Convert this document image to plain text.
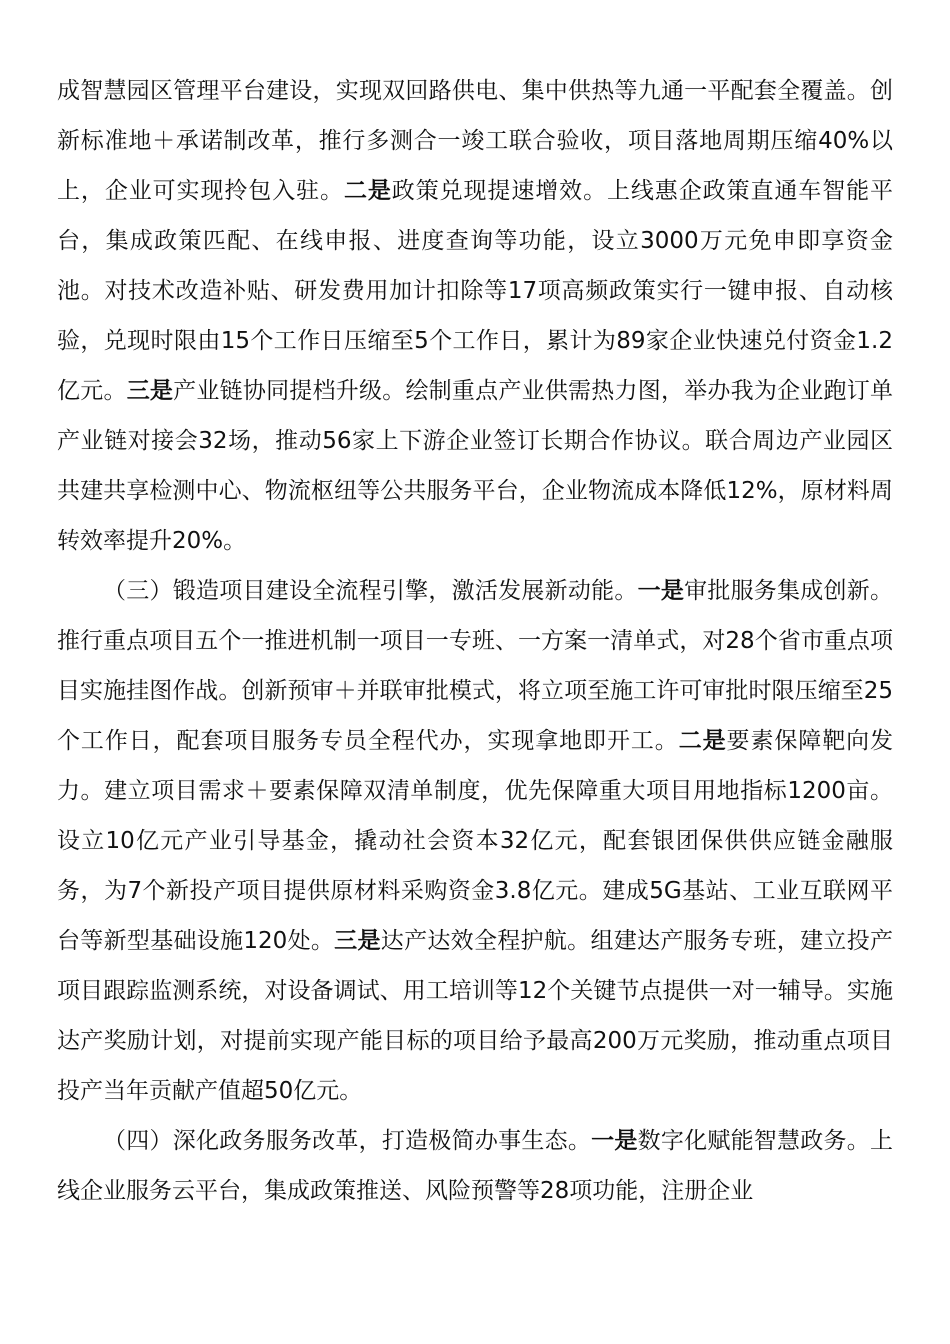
成智慧园区管理平台建设，实现双回路供电、集中供热等九通一平配套全覆盖。创新标准地＋承诺制改革，推行多测合一竣工联合验收，项目落地周期压缩40%以上，企业可实现拎包入驻。二是政策兑现提速增效。上线惠企政策直通车智能平台，集成政策匹配、在线申报、进度查询等功能，设立3000万元免申即享资金池。对技术改造补贴、研发费用加计扣除等17项高频政策实行一键申报、自动核验，兑现时限由15个工作日压缩至5个工作日，累计为89家企业快速兑付资金1.2亿元。三是产业链协同提档升级。绘制重点产业供需热力图，举办我为企业跑订单产业链对接会32场，推动56家上下游企业签订长期合作协议。联合周边产业园区共建共享检测中心、物流枢纽等公共服务平台，企业物流成本降低12%，原材料周转效率提升20%。

（三）锻造项目建设全流程引擎，激活发展新动能。一是审批服务集成创新。推行重点项目五个一推进机制一项目一专班、一方案一清单式，对28个省市重点项目实施挂图作战。创新预审＋并联审批模式，将立项至施工许可审批时限压缩至25个工作日，配套项目服务专员全程代办，实现拿地即开工。二是要素保障靶向发力。建立项目需求＋要素保障双清单制度，优先保障重大项目用地指标1200亩。设立10亿元产业引导基金，撬动社会资本32亿元，配套银团保供供应链金融服务，为7个新投产项目提供原材料采购资金3.8亿元。建成5G基站、工业互联网平台等新型基础设施120处。三是达产达效全程护航。组建达产服务专班，建立投产项目跟踪监测系统，对设备调试、用工培训等12个关键节点提供一对一辅导。实施达产奖励计划，对提前实现产能目标的项目给予最高200万元奖励，推动重点项目投产当年贡献产值超50亿元。

（四）深化政务服务改革，打造极简办事生态。一是数字化赋能智慧政务。上线企业服务云平台，集成政策推送、风险预警等28项功能，注册企业
